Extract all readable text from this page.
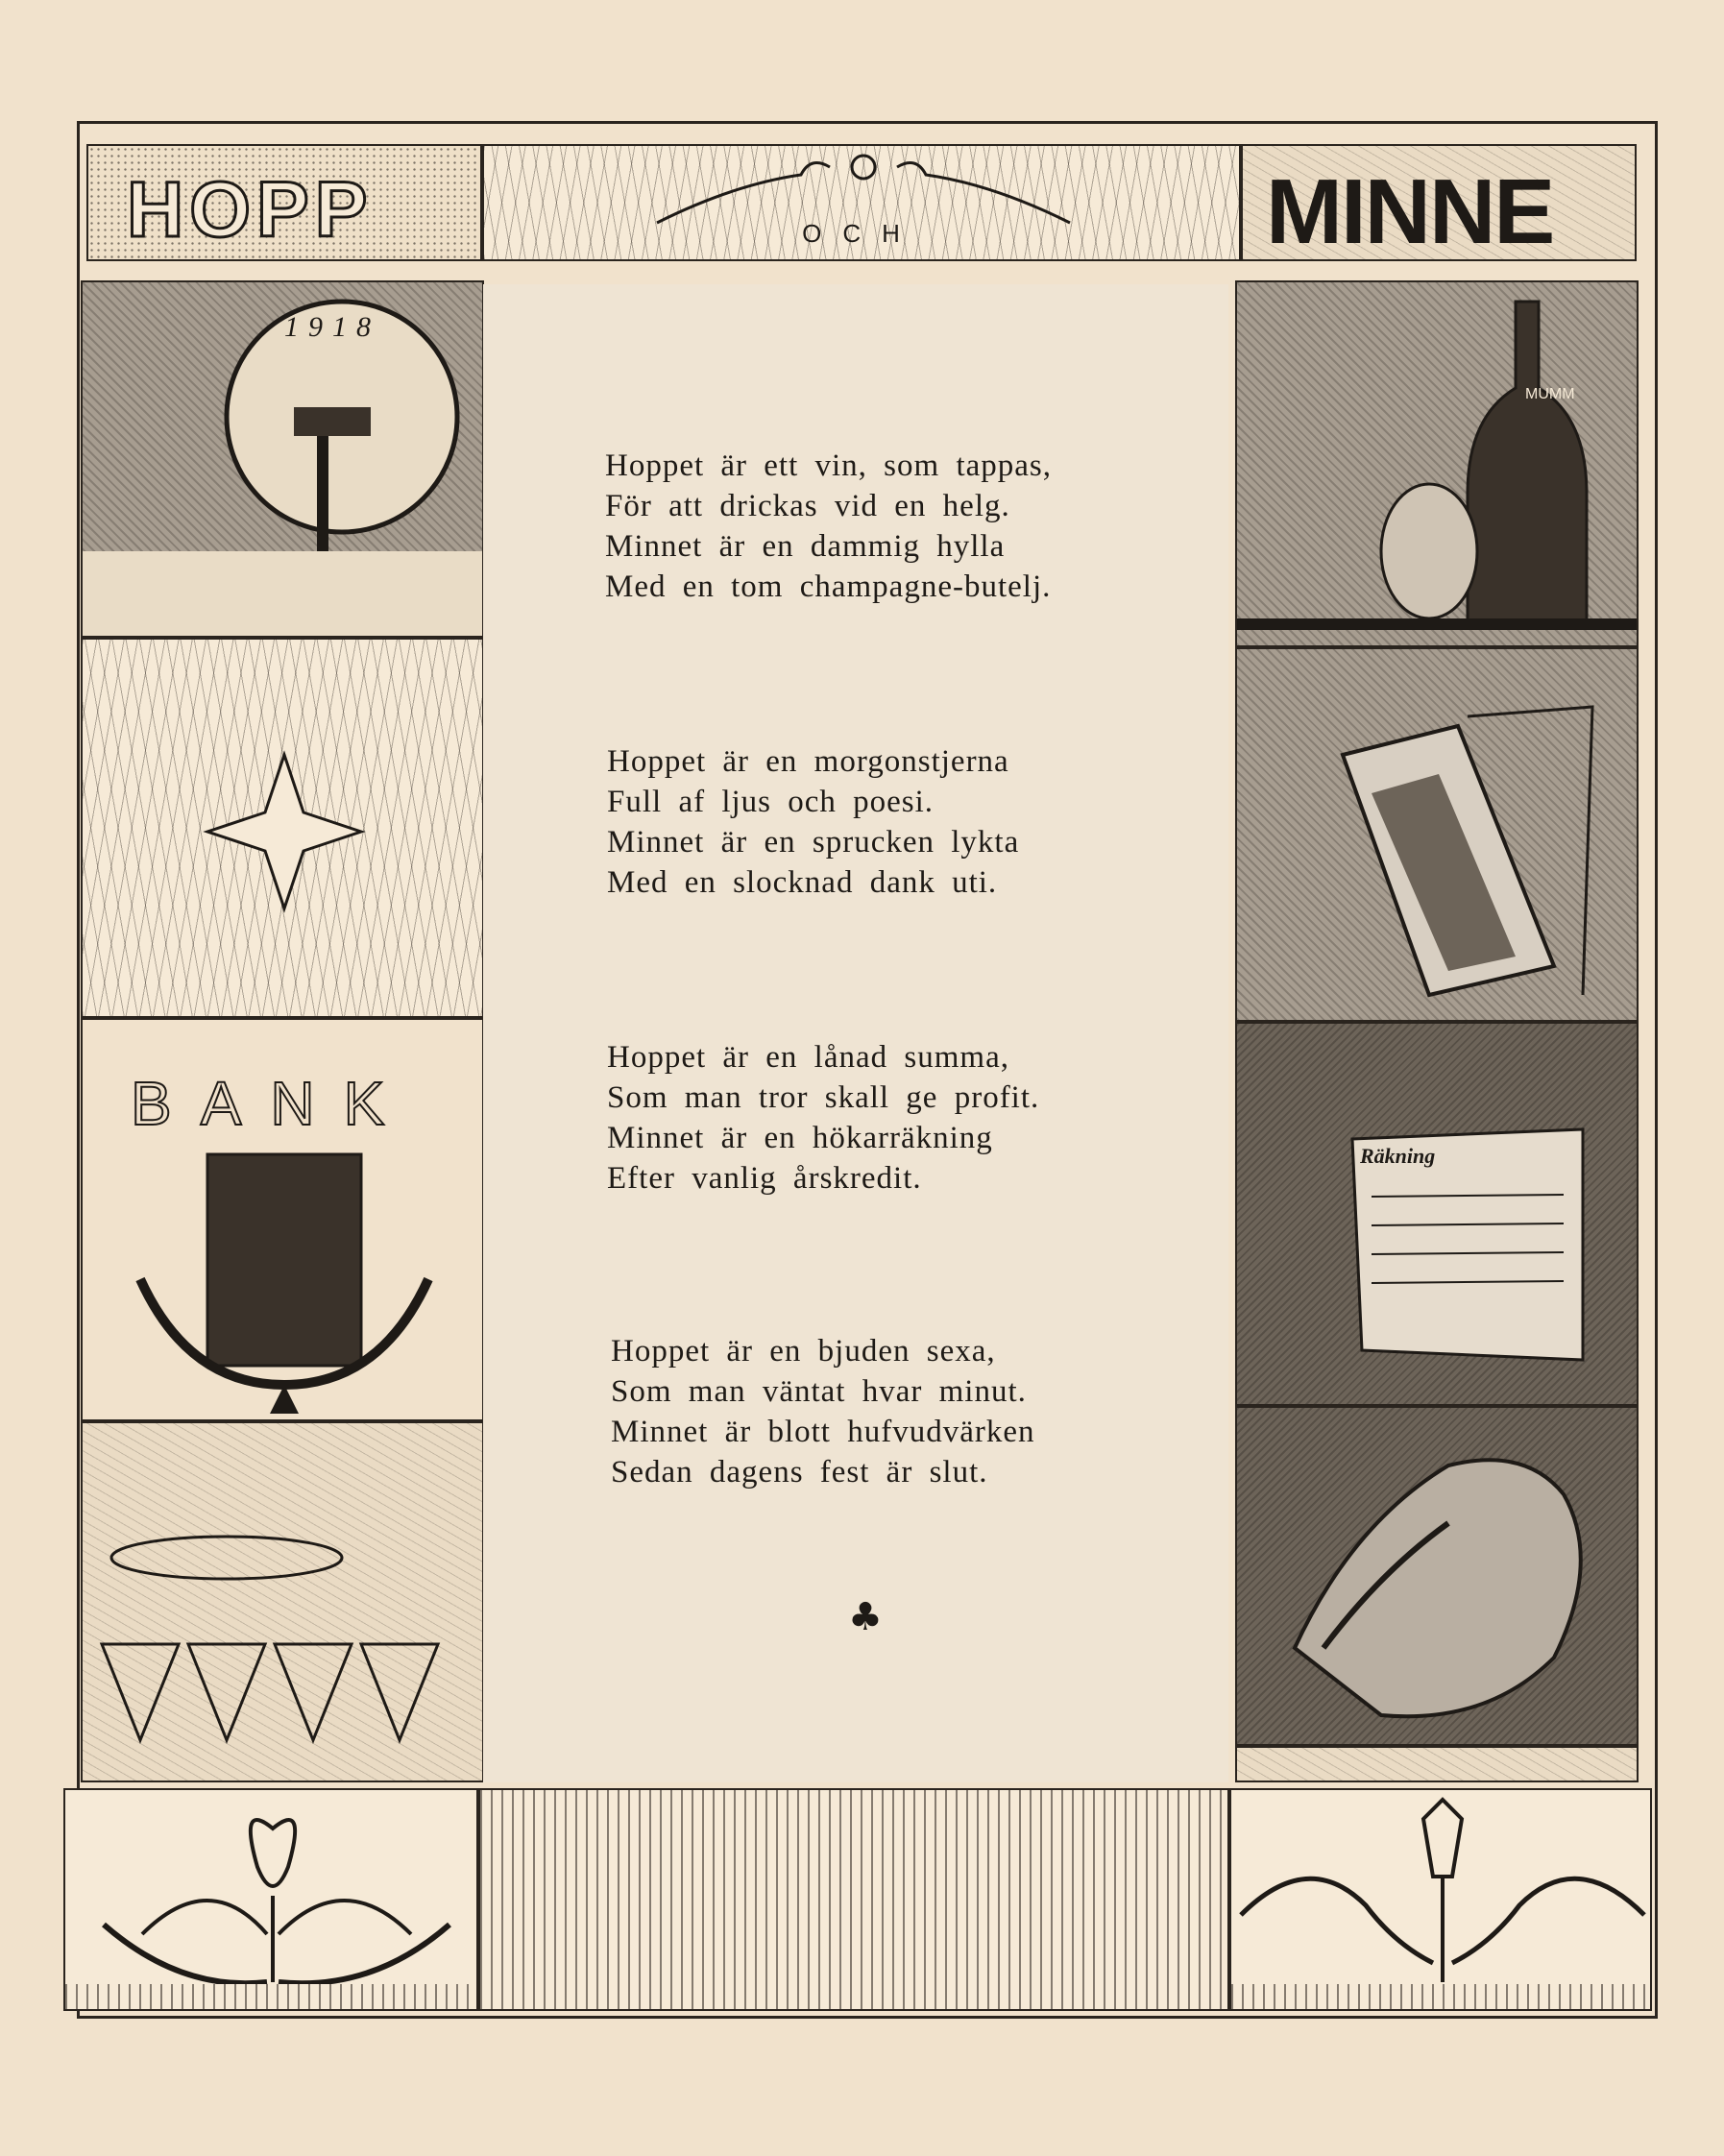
HOPP	OCH	MINNE
1918
BANK
MUMM
Räkning
Hoppet är ett vin, som tappas,
För att drickas vid en helg.
Minnet är en dammig hylla
Med en tom champagne-butelj.
Hoppet är en morgonstjerna
Full af ljus och poesi.
Minnet är en sprucken lykta
Med en slocknad dank uti.
Hoppet är en lånad summa,
Som man tror skall ge profit.
Minnet är en hökarräkning
Efter vanlig årskredit.
Hoppet är en bjuden sexa,
Som man väntat hvar minut.
Minnet är blott hufvudvärken
Sedan dagens fest är slut.
♣
